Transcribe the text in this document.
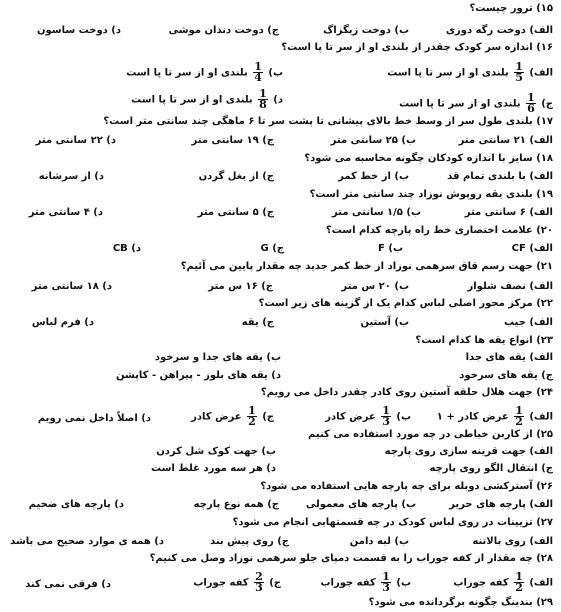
۱۵) ترور چیست؟
الف) دوخت رگه دوزی
ب) دوخت زیگزاگ
ج) دوخت دندان موشی
د) دوخت ساسون
۱۶) اندازه سر کودک چقدر از بلندی او از سر تا پا است؟
الف)
$\frac{1}{5}$
بلندی او از سر تا پا است
ب)
$\frac{1}{4}$
بلندی او از سر تا پا است
ج)
$\frac{1}{6}$
بلندی او از سر تا پا است
د)
$\frac{1}{8}$
بلندی او از سر تا پا است
۱۷) بلندی طول سر از وسط خط بالای پیشانی تا پشت سر تا ۶ ماهگی چند سانتی متر است؟
الف) ۲۱ سانتی متر
ب) ۲۵ سانتی متر
ج) ۱۹ سانتی متر
د) ۲۲ سانتی متر
۱۸) سایز با اندازه کودکان چگونه محاسبه می شود؟
الف) با بلندی تمام قد
ب) از خط کمر
ج) از بغل گردن
د) از سرشانه
۱۹) بلندی یقه روپوش نوزاد چند سانتی متر است؟
الف) ۶ سانتی متر
ب) ۱/۵ سانتی متر
ج) ۵ سانتی متر
د) ۴ سانتی متر
۲۰) علامت اختصاری خط راه پارچه کدام است؟
الف) CF
ب) F
ج) G
د) CB
۲۱) جهت رسم قاق سرهمی نوزاد از خط کمر جدید چه مقدار پایین می آئیم؟
الف) نصف شلوار
ب) ۲۰ س متر
ج) ۱۶ س متر
د) ۱۸ سانتی متر
۲۲) مرکز محور اصلی لباس کدام یک از گزینه های زیر است؟
الف) جیب
ب) آستین
ج) یقه
د) فرم لباس
۲۳) انواع یقه ها کدام است؟
الف) یقه های جدا
ب) یقه های جدا و سرخود
ج) یقه های سرخود
د) یقه های بلوز - پیراهن - کاپشن
۲۴) جهت هلال حلقه آستین روی کادر چقدر داخل می رویم؟
الف)
$\frac{1}{2}$
عرض کادر + ۱
ب)
$\frac{1}{3}$
عرض کادر
ج)
$\frac{1}{2}$
عرض کادر
د) اصلاً داخل نمی رویم
۲۵) از کاربن خیاطی در چه مورد استفاده می کنیم
الف) جهت قرینه سازی روی پارچه
ب) جهت کوک شل کردن
ج) انتقال الگو روی پارچه
د) هر سه مورد غلط است
۲۶) آسترکشی دوبله برای چه پارچه هایی استفاده می شود؟
الف) پارچه های حریر
ب) پارچه های معمولی
ج) همه نوع پارچه
د) پارچه های ضخیم
۲۷) تزیینات در روی لباس کودک در چه قسمتهایی انجام می شود؟
الف) روی بالاتنه
ب) لبه دامن
ج) روی پیش بند
د) همه ی موارد صحیح می باشد
۲۸) چه مقدار از کفه جوراب را به قسمت دمپای جلو سرهمی نوزاد وصل می کنیم؟
الف)
$\frac{1}{2}$
کفه جوراب
ب)
$\frac{1}{3}$
کفه جوراب
ج)
$\frac{2}{3}$
کفه جوراب
د) فرقی نمی کند
۲۹) بندینگ چگونه برگردانده می شود؟
